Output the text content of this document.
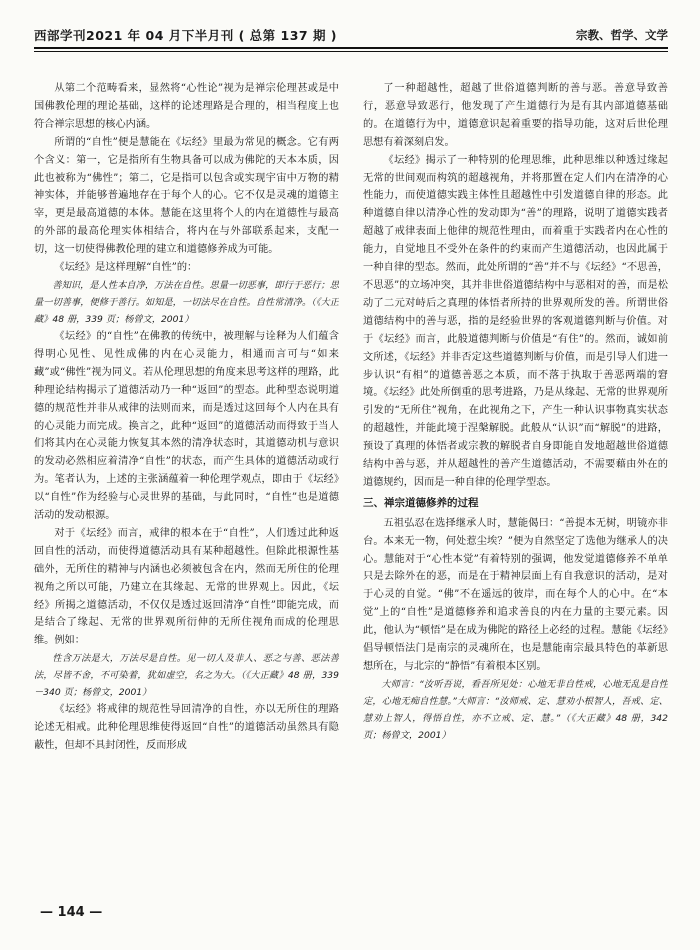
西部学刊2021 年 04 月下半月刊 ( 总第 137 期 )	宗教、哲学、文学

从第二个范畴看来，显然将“心性论”视为是禅宗伦理甚或是中国佛教伦理的理论基础，这样的论述理路是合理的，相当程度上也符合禅宗思想的核心内涵。

所谓的“自性”便是慧能在《坛经》里最为常见的概念。它有两个含义：第一，它是指所有生物具备可以成为佛陀的天本本质，因此也被称为“佛性”；第二，它是指可以包含或实现宇宙中万物的精神实体，并能够普遍地存在于每个人的心。它不仅是灵魂的道德主宰，更是最高道德的本体。慧能在这里将个人的内在道德性与最高的外部的最高伦理实体相结合，将内在与外部联系起来，支配一切，这一切使得佛教伦理的建立和道德修养成为可能。

《坛经》是这样理解“自性”的：

善知识，是人性本自净，万法在自性。思量一切恶事，即行于恶行；思量一切善事，便修于善行。如知是，一切法尽在自性。自性常清净。（《大正藏》48 册，339 页；杨曾文，2001）

《坛经》的“自性”在佛教的传统中，被理解与诠释为人们蕴含得明心见性、见性成佛的内在心灵能力，相通而言可与“如来藏”或“佛性”视为同义。若从伦理思想的角度来思考这样的理路，此种理论结构揭示了道德活动乃一种“返回”的型态。此种型态说明道德的规范性并非从戒律的法则而来，而是透过这回每个人内在具有的心灵能力而完成。换言之，此种“返回”的道德活动而得致于当人们将其内在心灵能力恢复其本然的清净状态时，其道德动机与意识的发动必然相应着清净“自性”的状态，而产生具体的道德活动或行为。笔者认为，上述的主张涵蕴着一种伦理学观点，即由于《坛经》以“自性”作为经验与心灵世界的基础，与此同时，“自性”也是道德活动的发动根源。

对于《坛经》而言，戒律的根本在于“自性”，人们透过此种返回自性的活动，而使得道德活动具有某种超越性。但除此根源性基础外，无所住的精神与内涵也必须被包含在内，然而无所住的伦理视角之所以可能，乃建立在其缘起、无常的世界观上。因此，《坛经》所揭之道德活动，不仅仅是透过返回清净“自性”即能完成，而是结合了缘起、无常的世界观所衍伸的无所住视角而成的伦理思维。例如：

性含万法是大，万法尽是自性。见一切人及非人、恶之与善、恶法善法，尽皆不舍，不可染着，犹如虚空，名之为大。（《大正藏》48 册，339－340 页；杨曾文，2001）

《坛经》将戒律的规范性导回清净的自性，亦以无所住的理路论述无相戒。此种伦理思维使得返回“自性”的道德活动虽然具有隐蔽性，但却不具封闭性，反而形成

了一种超越性，超越了世俗道德判断的善与恶。善意导致善行，恶意导致恶行，他发现了产生道德行为是有其内部道德基础的。在道德行为中，道德意识起着重要的指导功能，这对后世伦理思想有着深刻启发。

《坛经》揭示了一种特别的伦理思维，此种思维以种透过缘起无常的世间观而构筑的超越视角，并将那置在定人们内在清净的心性能力，而使道德实践主体性且超越性中引发道德自律的形态。此种道德自律以清净心性的发动即为“善”的理路，说明了道德实践者超越了戒律表面上他律的规范性理由，而着重于实践者内在心性的能力，自觉地且不受外在条件的约束而产生道德活动，也因此属于一种自律的型态。然而，此处所谓的“善”并不与《坛经》“不思善，不思恶”的立场冲突，其并非世俗道德结构中与恶相对的善，而是松动了二元对峙后之真理的体悟者所持的世界观所发的善。所谓世俗道德结构中的善与恶，指的是经验世界的客观道德判断与价值。对于《坛经》而言，此般道德判断与价值是“有住”的。然而，诚如前文所述，《坛经》并非否定这些道德判断与价值，而是引导人们进一步认识“有相”的道德善恶之本质，而不落于执取于善恶两端的窘境。《坛经》此处所倒重的思考进路，乃是从缘起、无常的世界观所引发的“无所住”视角，在此视角之下，产生一种认识事物真实状态的超越性，并能此境于涅槃解脱。此般从“认识”而“解脱”的进路，预设了真理的体悟者或宗教的解脱者自身即能自发地超越世俗道德结构中善与恶，并从超越性的善产生道德活动，不需要藉由外在的道德规约，因而是一种自律的伦理学型态。

三、禅宗道德修养的过程

五祖弘忍在选择继承人时，慧能偈曰：“善提本无树，明镜亦非台。本来无一物，何处惹尘埃？”便为自然坚定了选他为继承人的决心。慧能对于“心性本觉”有着特别的强调，他发觉道德修养不单单只是去除外在的恶，而是在于精神层面上有自我意识的活动，是对于心灵的自觉。“佛”不在遥远的彼岸，而在每个人的心中。在“本觉”上的“自性”是道德修养和追求善良的内在力量的主要元素。因此，他认为“顿悟”是在成为佛陀的路径上必经的过程。慧能《坛经》倡导顿悟法门是南宗的灵魂所在，也是慧能南宗最具特色的革新思想所在，与北宗的“静悟”有着根本区别。

大师言：“汝听吾说，看吾所见处：心地无非自性戒，心地无乱是自性定，心地无痴自性慧。”大师言：“汝师戒、定、慧劝小根智人，吾戒、定、慧劝上智人，得悟自性，亦不立戒、定、慧。”（《大正藏》48 册，342 页；杨曾文，2001）

— 144 —
